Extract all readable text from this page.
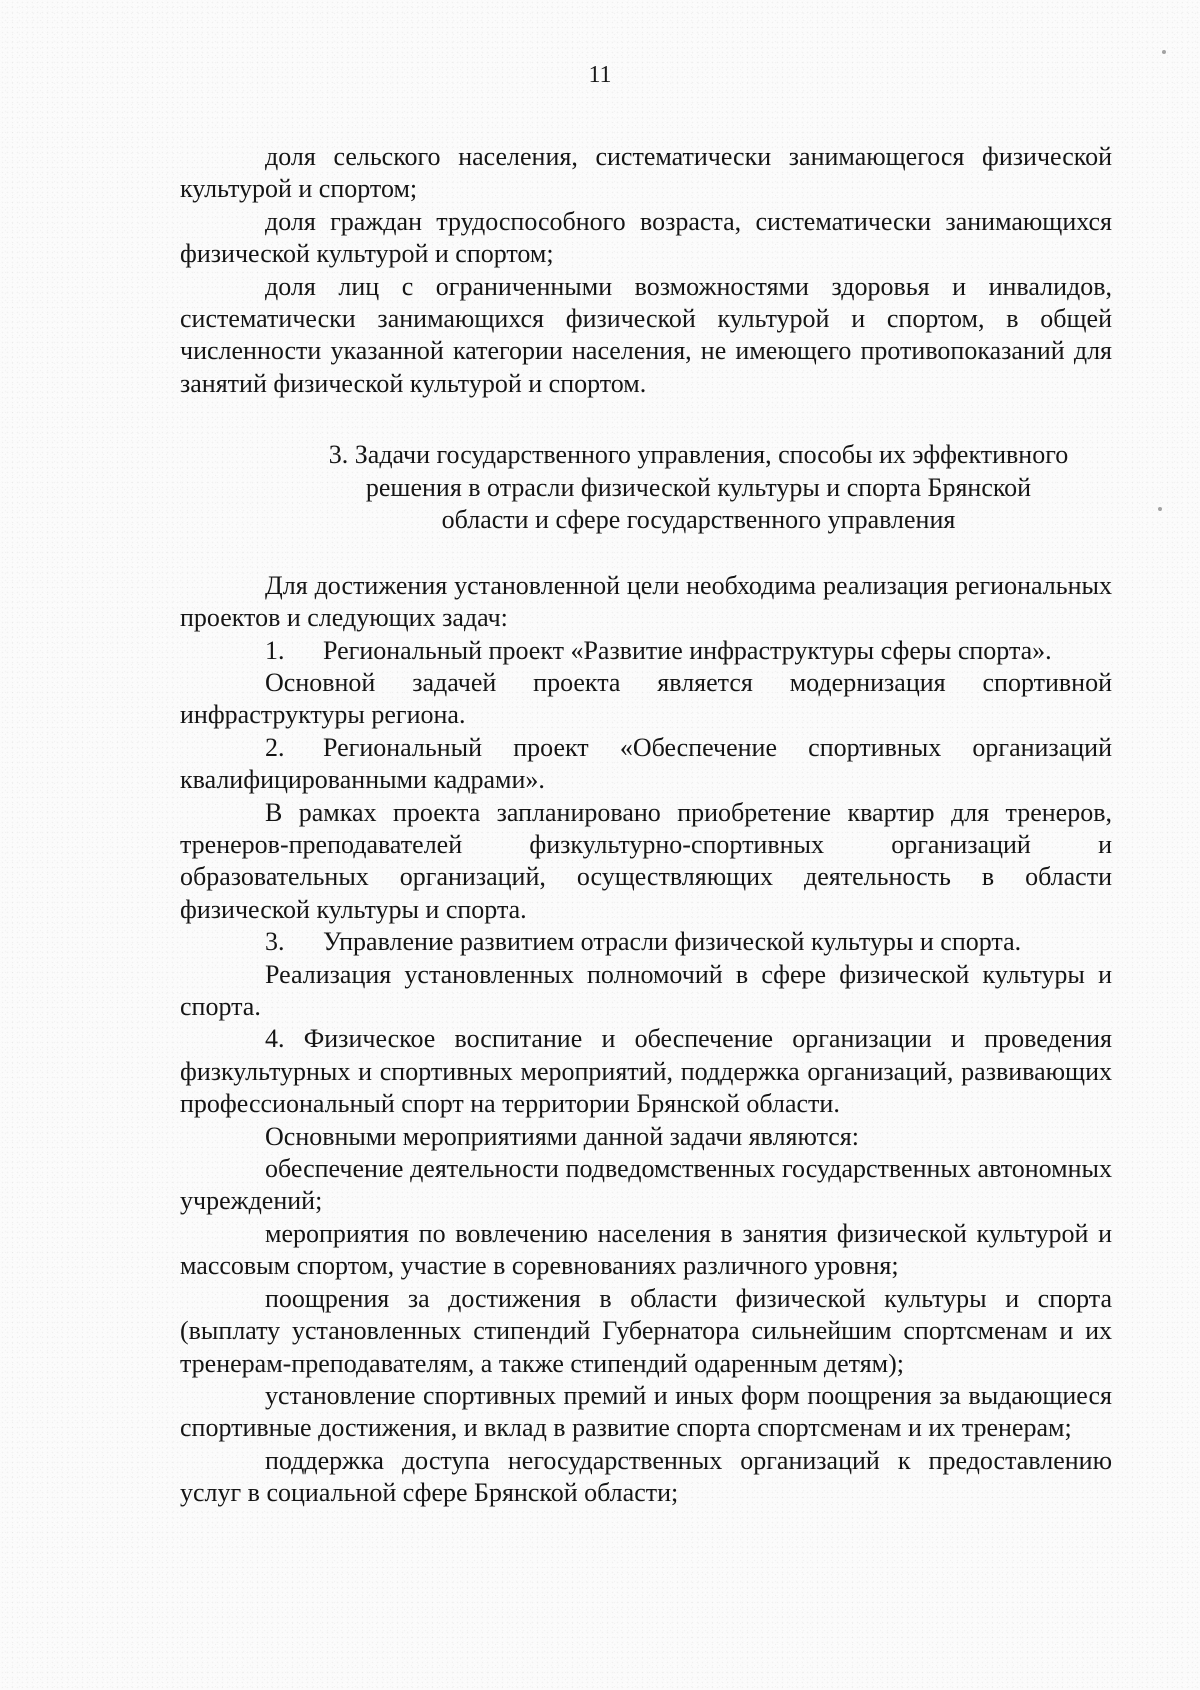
11

доля сельского населения, систематически занимающегося физической культурой и спортом;

доля граждан трудоспособного возраста, систематически занимающихся физической культурой и спортом;

доля лиц с ограниченными возможностями здоровья и инвалидов, систематически занимающихся физической культурой и спортом, в общей численности указанной категории населения, не имеющего противопоказаний для занятий физической культурой и спортом.

3. Задачи государственного управления, способы их эффективного
решения в отрасли физической культуры и спорта Брянской
области и сфере государственного управления

Для достижения установленной цели необходима реализация региональных проектов и следующих задач:

1. Региональный проект «Развитие инфраструктуры сферы спорта».

Основной задачей проекта является модернизация спортивной инфраструктуры региона.

2. Региональный проект «Обеспечение спортивных организаций квалифицированными кадрами».

В рамках проекта запланировано приобретение квартир для тренеров, тренеров-преподавателей физкультурно-спортивных организаций и образовательных организаций, осуществляющих деятельность в области физической культуры и спорта.

3. Управление развитием отрасли физической культуры и спорта.

Реализация установленных полномочий в сфере физической культуры и спорта.

4. Физическое воспитание и обеспечение организации и проведения физкультурных и спортивных мероприятий, поддержка организаций, развивающих профессиональный спорт на территории Брянской области.

Основными мероприятиями данной задачи являются:

обеспечение деятельности подведомственных государственных автономных учреждений;

мероприятия по вовлечению населения в занятия физической культурой и массовым спортом, участие в соревнованиях различного уровня;

поощрения за достижения в области физической культуры и спорта (выплату установленных стипендий Губернатора сильнейшим спортсменам и их тренерам-преподавателям, а также стипендий одаренным детям);

установление спортивных премий и иных форм поощрения за выдающиеся спортивные достижения, и вклад в развитие спорта спортсменам и их тренерам;

поддержка доступа негосударственных организаций к предоставлению услуг в социальной сфере Брянской области;
